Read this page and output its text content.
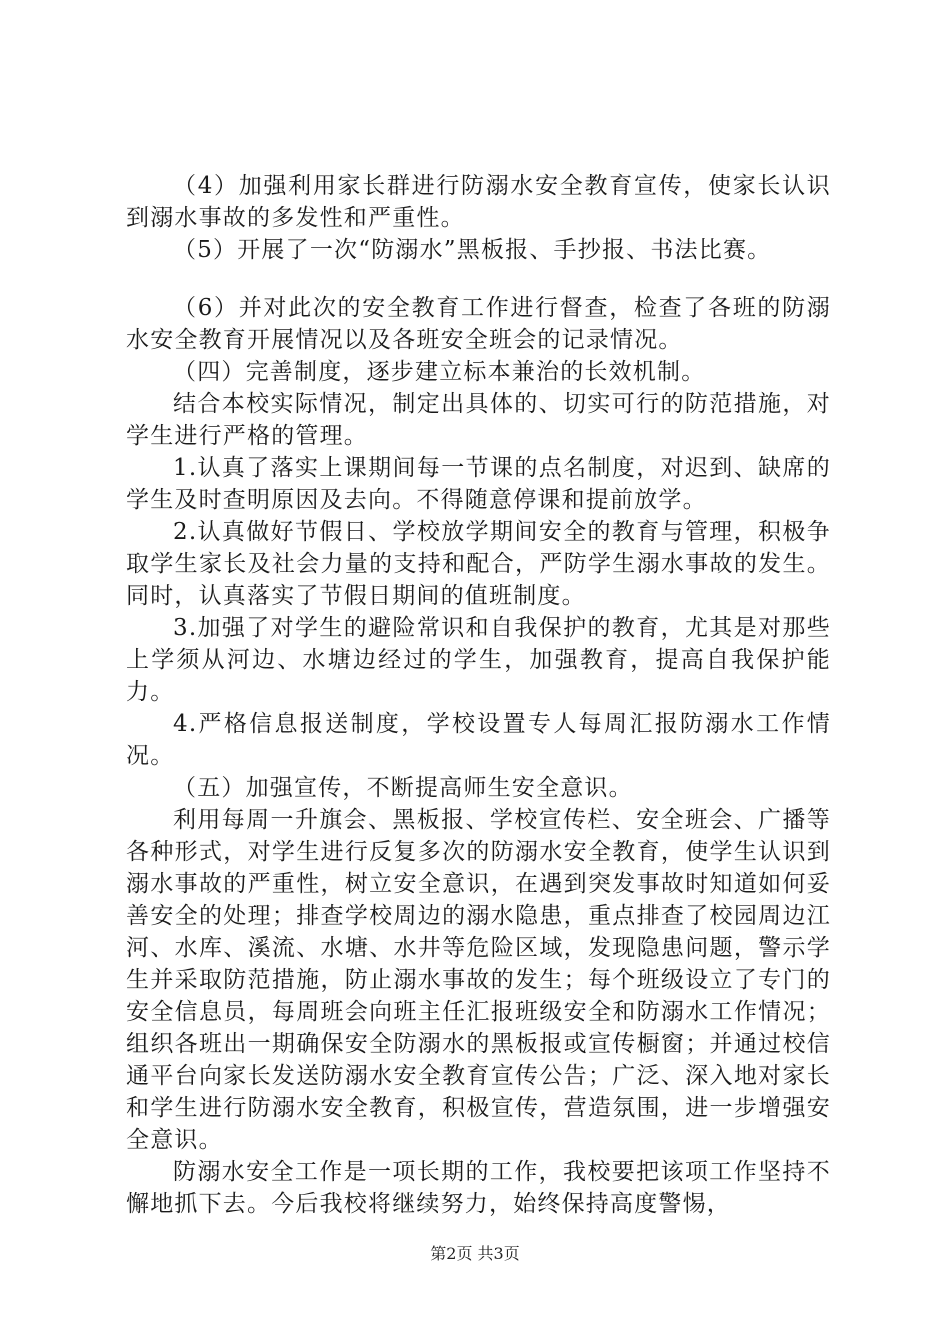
（4）加强利用家长群进行防溺水安全教育宣传，使家长认识到溺水事故的多发性和严重性。

（5）开展了一次“防溺水”黑板报、手抄报、书法比赛。

（6）并对此次的安全教育工作进行督查，检查了各班的防溺水安全教育开展情况以及各班安全班会的记录情况。

（四）完善制度，逐步建立标本兼治的长效机制。

结合本校实际情况，制定出具体的、切实可行的防范措施，对学生进行严格的管理。

1.认真了落实上课期间每一节课的点名制度，对迟到、缺席的学生及时查明原因及去向。不得随意停课和提前放学。

2.认真做好节假日、学校放学期间安全的教育与管理，积极争取学生家长及社会力量的支持和配合，严防学生溺水事故的发生。同时，认真落实了节假日期间的值班制度。

3.加强了对学生的避险常识和自我保护的教育，尤其是对那些上学须从河边、水塘边经过的学生，加强教育，提高自我保护能力。

4.严格信息报送制度，学校设置专人每周汇报防溺水工作情况。

（五）加强宣传，不断提高师生安全意识。

利用每周一升旗会、黑板报、学校宣传栏、安全班会、广播等各种形式，对学生进行反复多次的防溺水安全教育，使学生认识到溺水事故的严重性，树立安全意识，在遇到突发事故时知道如何妥善安全的处理；排查学校周边的溺水隐患，重点排查了校园周边江河、水库、溪流、水塘、水井等危险区域，发现隐患问题，警示学生并采取防范措施，防止溺水事故的发生；每个班级设立了专门的安全信息员，每周班会向班主任汇报班级安全和防溺水工作情况；组织各班出一期确保安全防溺水的黑板报或宣传橱窗；并通过校信通平台向家长发送防溺水安全教育宣传公告；广泛、深入地对家长和学生进行防溺水安全教育，积极宣传，营造氛围，进一步增强安全意识。

防溺水安全工作是一项长期的工作，我校要把该项工作坚持不懈地抓下去。今后我校将继续努力，始终保持高度警惕，

第2页 共3页
